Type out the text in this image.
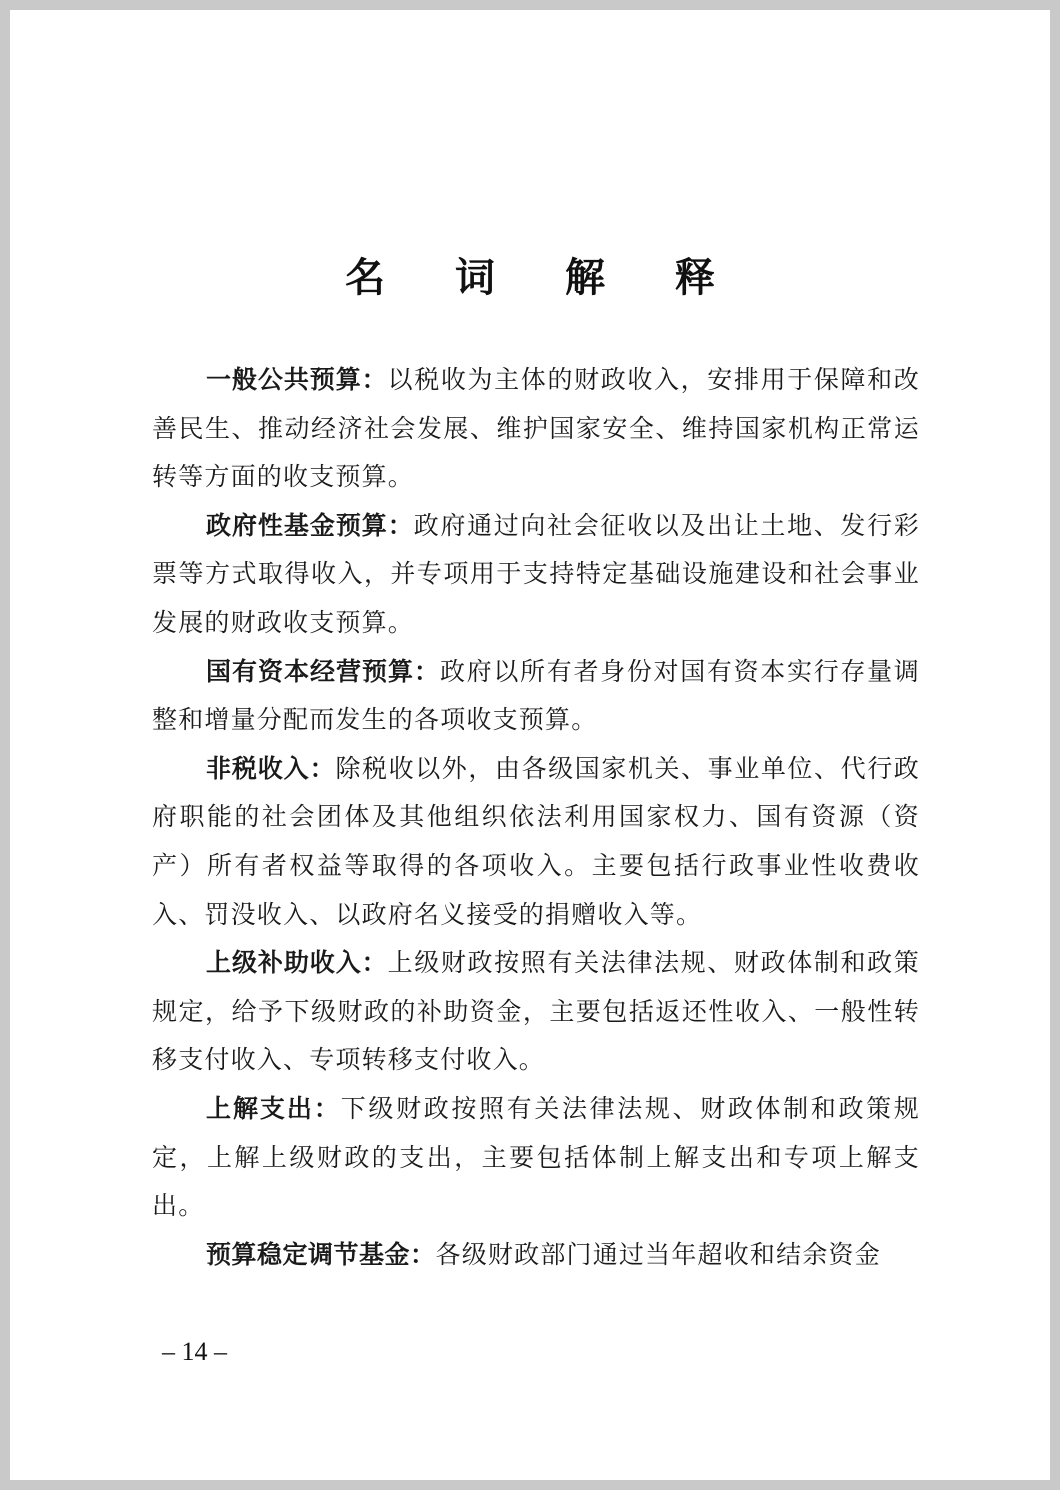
名 词 解 释

一般公共预算：以税收为主体的财政收入，安排用于保障和改善民生、推动经济社会发展、维护国家安全、维持国家机构正常运转等方面的收支预算。

政府性基金预算：政府通过向社会征收以及出让土地、发行彩票等方式取得收入，并专项用于支持特定基础设施建设和社会事业发展的财政收支预算。

国有资本经营预算：政府以所有者身份对国有资本实行存量调整和增量分配而发生的各项收支预算。

非税收入：除税收以外，由各级国家机关、事业单位、代行政府职能的社会团体及其他组织依法利用国家权力、国有资源（资产）所有者权益等取得的各项收入。主要包括行政事业性收费收入、罚没收入、以政府名义接受的捐赠收入等。

上级补助收入：上级财政按照有关法律法规、财政体制和政策规定，给予下级财政的补助资金，主要包括返还性收入、一般性转移支付收入、专项转移支付收入。

上解支出：下级财政按照有关法律法规、财政体制和政策规定，上解上级财政的支出，主要包括体制上解支出和专项上解支出。

预算稳定调节基金：各级财政部门通过当年超收和结余资金

– 14 –
